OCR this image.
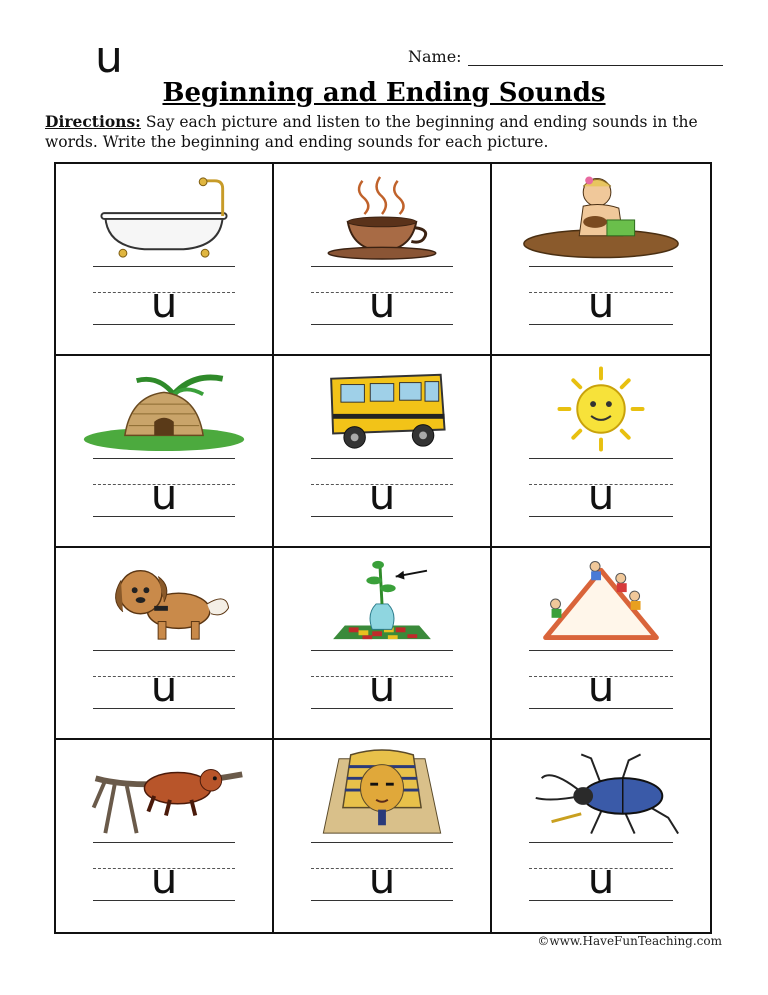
u	Name:
Beginning and Ending Sounds
Directions: Say each picture and listen to the beginning and ending sounds in the words. Write the beginning and ending sounds for each picture.
u	u	u
u	u	u
u	u	u
u	u	u
©www.HaveFunTeaching.com
